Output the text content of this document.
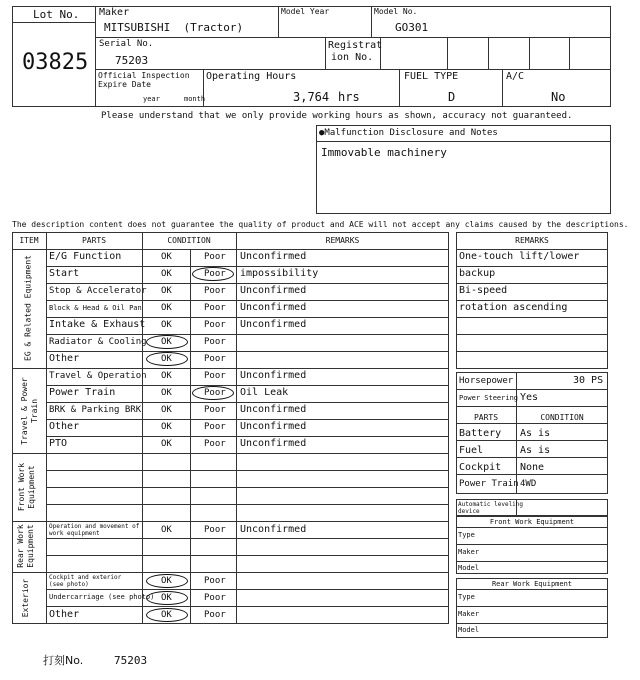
Lot No.
03825
Maker
MITSUBISHI  (Tractor)
Model Year	Model No.
GO301
Serial No.
75203
Registrat
ion No.
Official Inspection
Expire Date
year	month
Operating Hours
3,764 hrs
FUEL TYPE
D
A/C
No
Please understand that we only provide working hours as shown, accuracy not guaranteed.
●Malfunction Disclosure and Notes
Immovable machinery
The description content does not guarantee the quality of product and ACE will not accept any claims caused by the descriptions.
ITEM	PARTS	CONDITION	REMARKS
EG & Related Equipment
Travel & Power Train
Front Work Equipment
Rear Work Equipment
Exterior
E/G Function	OK	Poor Unconfirmed
Start	OK	Poor impossibility
Stop & Accelerator OK	Poor Unconfirmed
Block & Head & Oil Pan OK	Poor Unconfirmed
Intake & Exhaust OK	Poor Unconfirmed
Radiator & Cooling OK	Poor
Other	OK	Poor
Travel & Operation OK	Poor Unconfirmed
Power Train	OK	Poor Oil Leak
BRK & Parking BRK OK	Poor Unconfirmed
Other	OK	Poor Unconfirmed
PTO	OK	Poor Unconfirmed
Operation and movement of work equipment	OK	Poor Unconfirmed
Cockpit and exterior (see photo)	OK	Poor
Undercarriage (see photo) OK	Poor
Other	OK	Poor
REMARKS
One-touch lift/lower
backup
Bi-speed
rotation ascending
Horsepower	30 PS
Power Steering Yes
PARTS	CONDITION
Battery As is
Fuel	As is
Cockpit None
Power Train 4WD
Automatic leveling
device
Front Work Equipment
Type
Maker
Model
Rear Work Equipment
Type
Maker
Model
打刻No.	75203
